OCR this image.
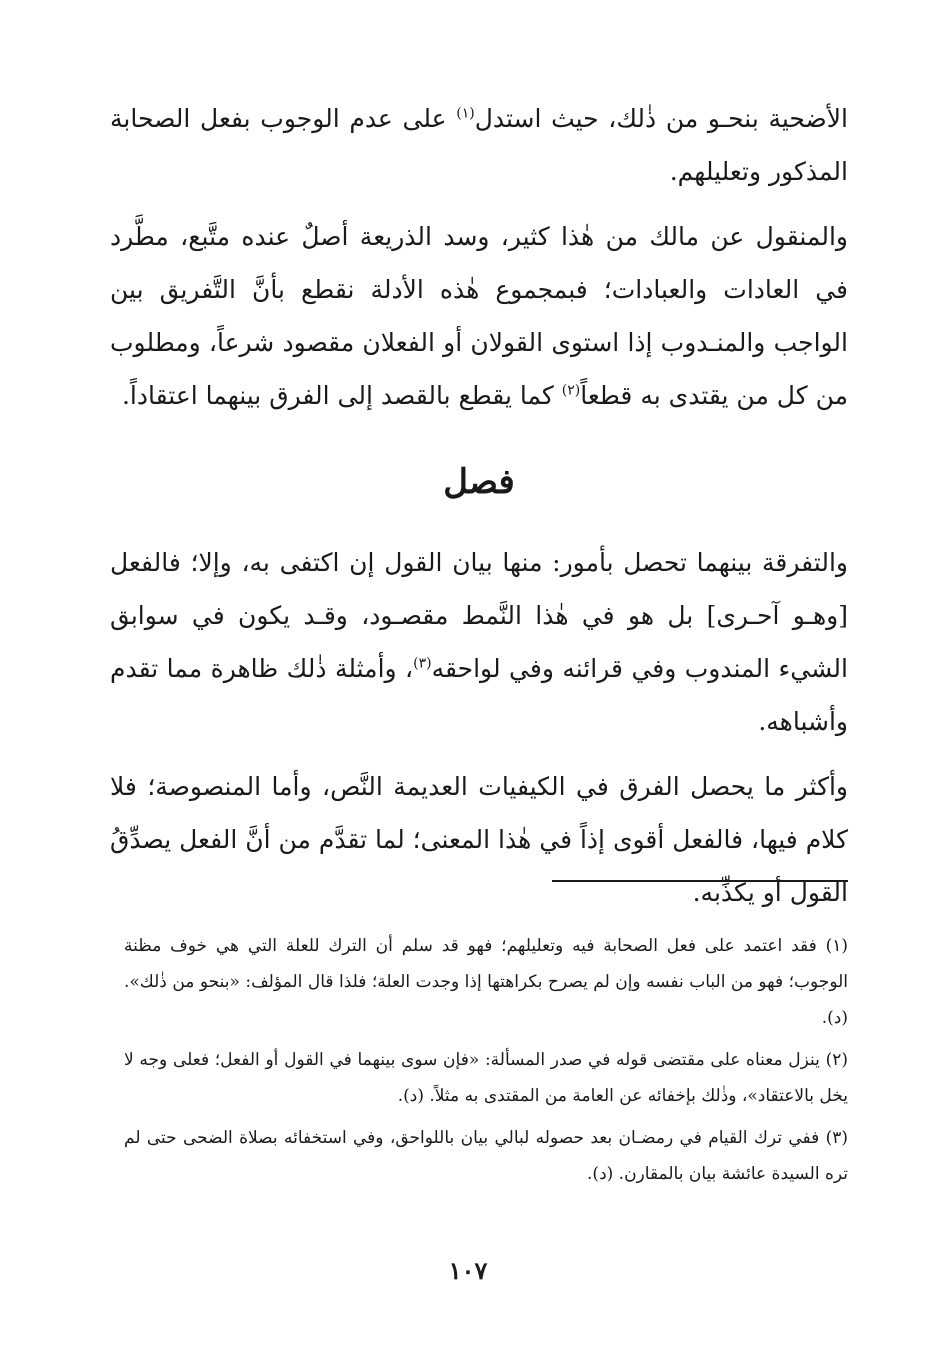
الأضحية بنحـو من ذٰلك، حيث استدل$^{(١)}$ على عدم الوجوب بفعل الصحابة المذكور وتعليلهم.

والمنقول عن مالك من هٰذا كثير، وسد الذريعة أصلٌ عنده متَّبع، مطَّرد في العادات والعبادات؛ فبمجموع هٰذه الأدلة نقطع بأنَّ التَّفريق بين الواجب والمنـدوب إذا استوى القولان أو الفعلان مقصود شرعاً، ومطلوب من كل من يقتدى به قطعاً$^{(٢)}$ كما يقطع بالقصد إلى الفرق بينهما اعتقاداً.

فصل

والتفرقة بينهما تحصل بأمور: منها بيان القول إن اكتفى به، وإلا؛ فالفعل [وهـو آحـرى] بل هو في هٰذا النَّمط مقصـود، وقـد يكون في سوابق الشيء المندوب وفي قرائنه وفي لواحقه$^{(٣)}$، وأمثلة ذٰلك ظاهرة مما تقدم وأشباهه.

وأكثر ما يحصل الفرق في الكيفيات العديمة النَّص، وأما المنصوصة؛ فلا كلام فيها، فالفعل أقوى إذاً في هٰذا المعنى؛ لما تقدَّم من أنَّ الفعل يصدِّقُ القول أو يكذِّبه.

(١) فقد اعتمد على فعل الصحابة فيه وتعليلهم؛ فهو قد سلم أن الترك للعلة التي هي خوف مظنة الوجوب؛ فهو من الباب نفسه وإن لم يصرح بكراهتها إذا وجدت العلة؛ فلذا قال المؤلف: «بنحو من ذٰلك». (د).

(٢) ينزل معناه على مقتضى قوله في صدر المسألة: «فإن سوى بينهما في القول أو الفعل؛ فعلى وجه لا يخل بالاعتقاد»، وذٰلك بإخفائه عن العامة من المقتدى به مثلاً. (د).

(٣) ففي ترك القيام في رمضـان بعد حصوله لبالي بيان باللواحق، وفي استخفائه بصلاة الضحى حتى لم تره السيدة عائشة بيان بالمقارن. (د).

١٠٧
